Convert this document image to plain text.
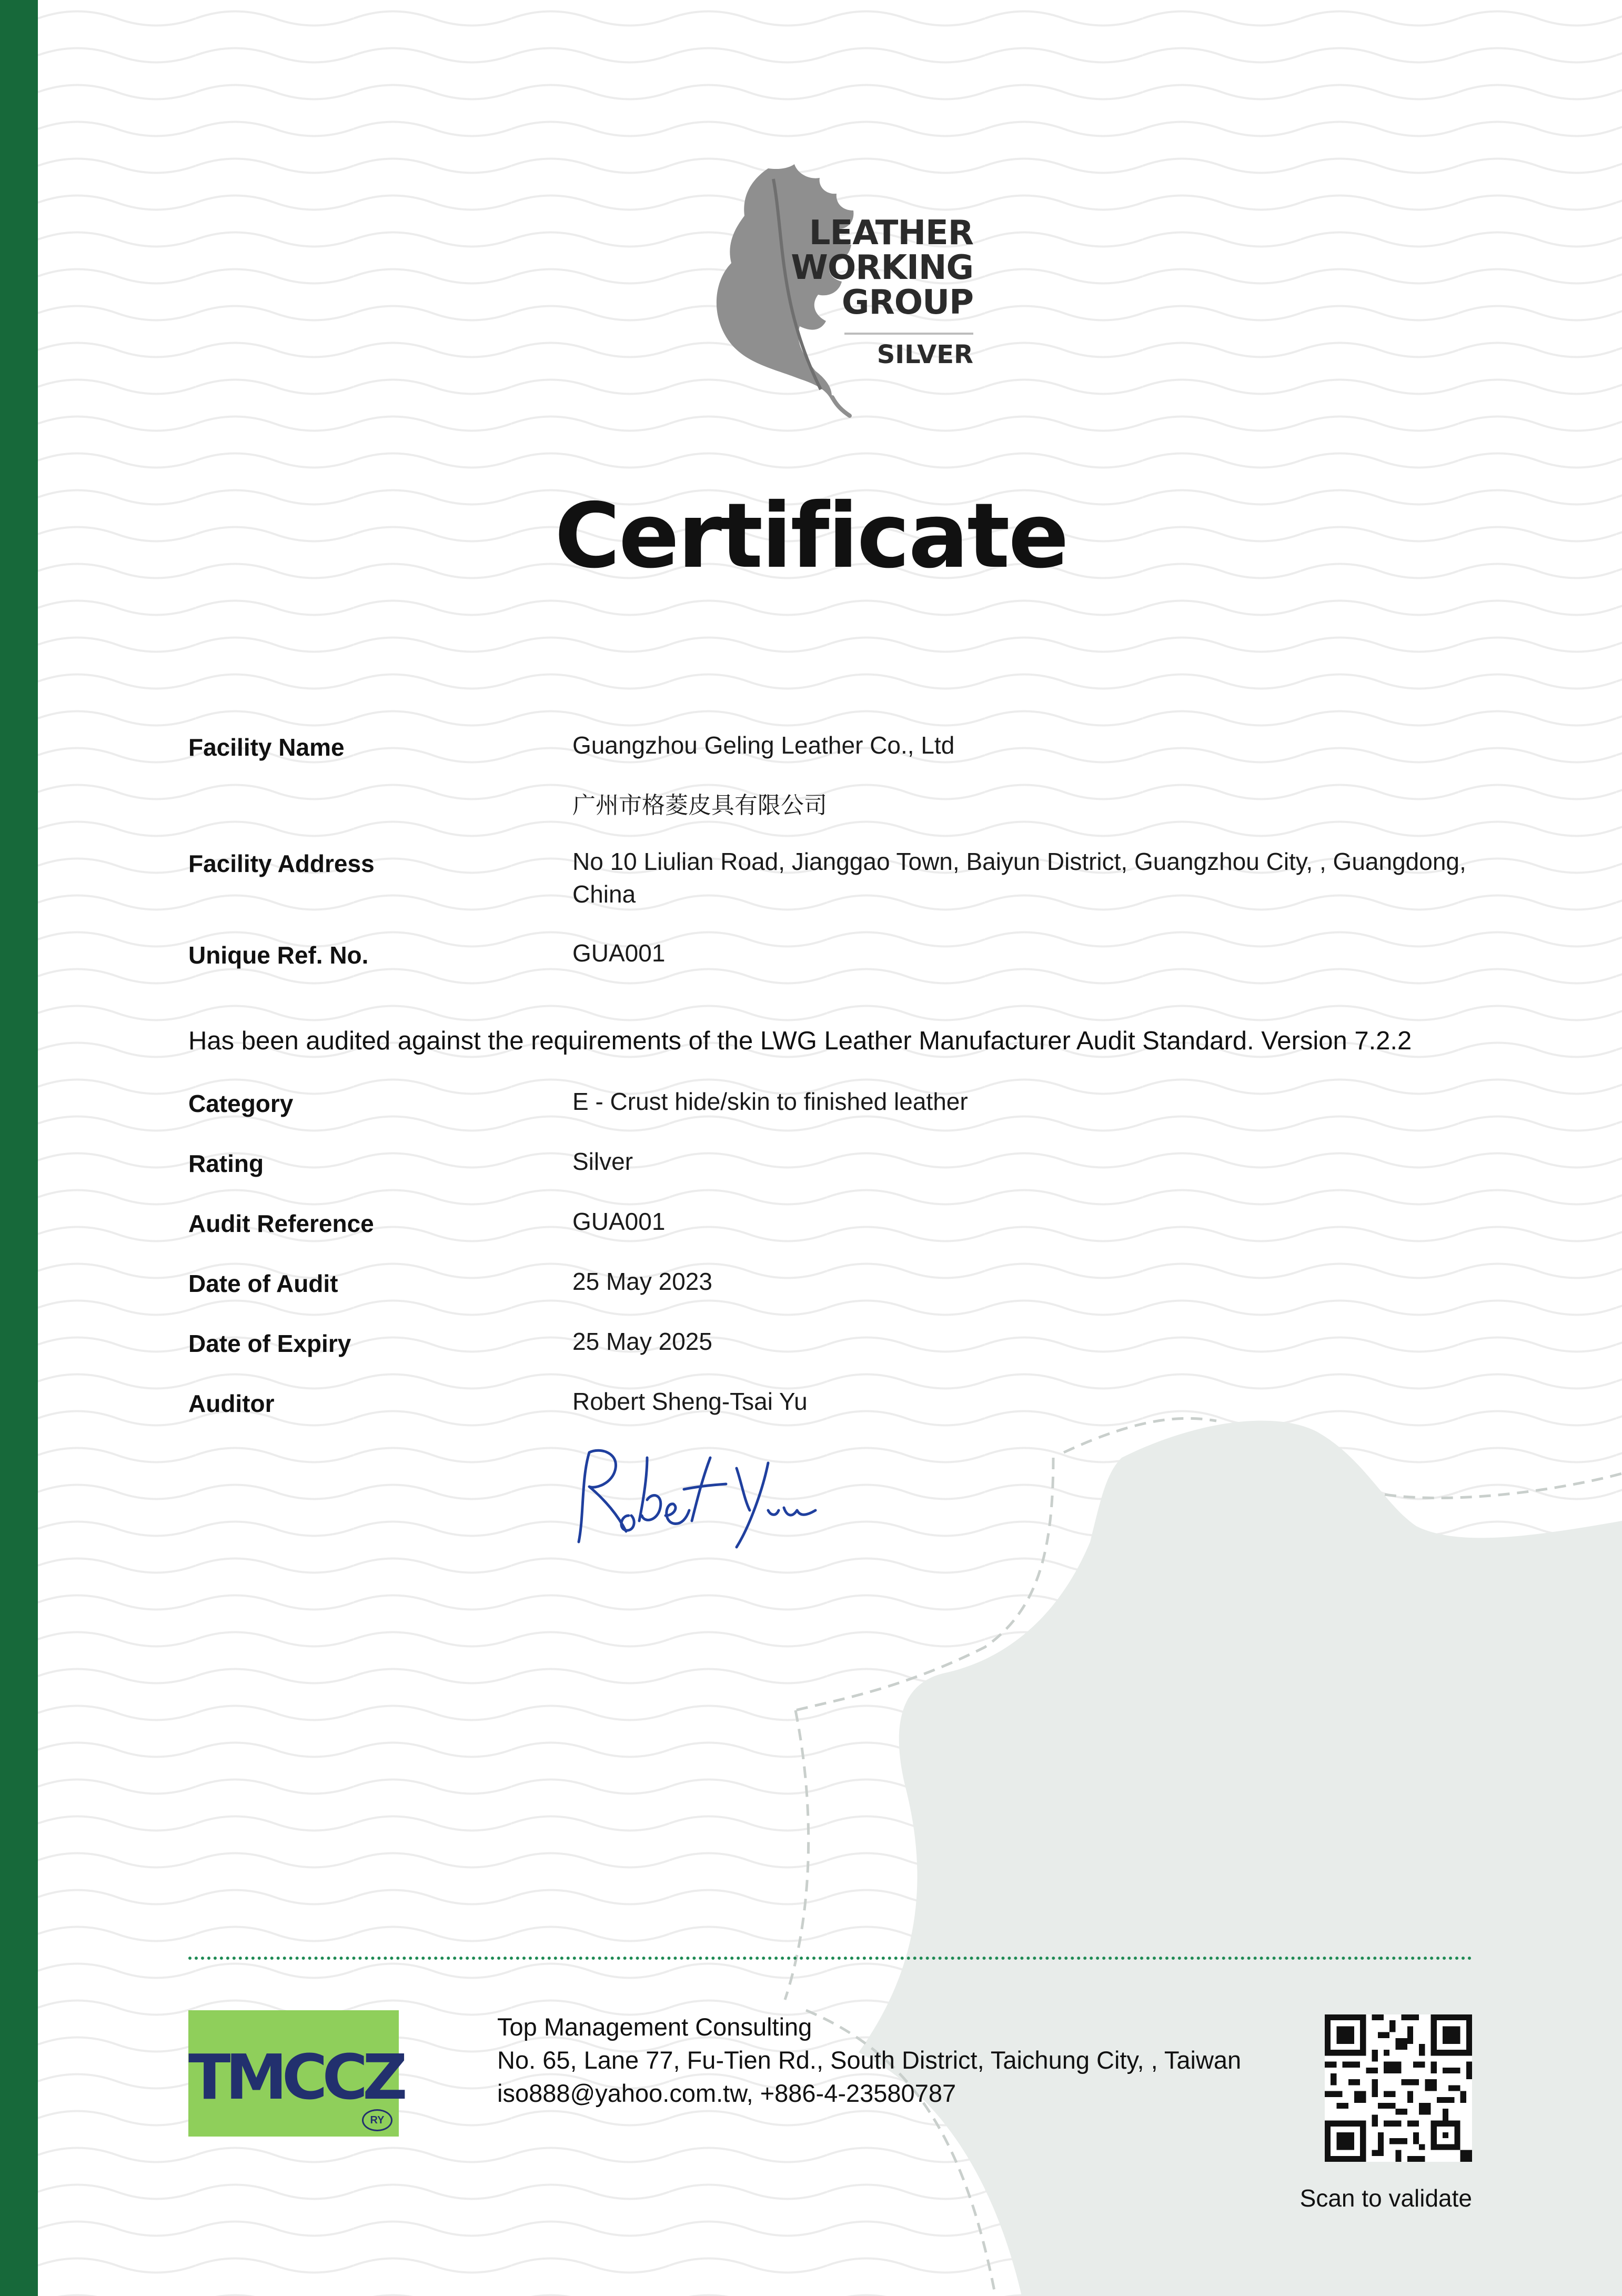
LEATHER
WORKING
GROUP
SILVER
Certificate
Facility Name	Guangzhou Geling Leather Co., Ltd
广州市格菱皮具有限公司
Facility Address	No 10 Liulian Road, Jianggao Town, Baiyun District, Guangzhou City, , Guangdong,
China
Unique Ref. No.	GUA001
Has been audited against the requirements of the LWG Leather Manufacturer Audit Standard. Version 7.2.2
Category	E - Crust hide/skin to finished leather
Rating	Silver
Audit Reference	GUA001
Date of Audit	25 May 2023
Date of Expiry	25 May 2025
Auditor	Robert Sheng-Tsai Yu
TMCCZ
RY
Top Management Consulting
No. 65, Lane 77, Fu-Tien Rd., South District, Taichung City, , Taiwan
iso888@yahoo.com.tw, +886-4-23580787
Scan to validate
